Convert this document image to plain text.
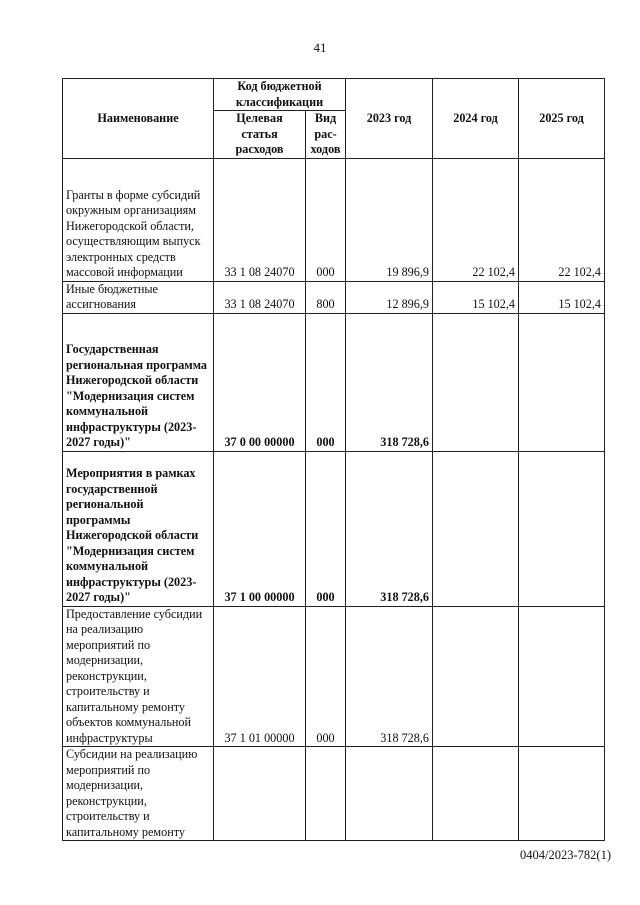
41
Наименование	Код бюджетной классификации		2023 год	2024 год	2025 год
	Целевая статья расходов	Вид рас- ходов			
Гранты в форме субсидий окружным организациям Нижегородской области, осуществляющим выпуск электронных средств массовой информации	33 1 08 24070	000	19 896,9	22 102,4	22 102,4
Иные бюджетные ассигнования	33 1 08 24070	800	12 896,9	15 102,4	15 102,4
Государственная региональная программа Нижегородской области "Модернизация систем коммунальной инфраструктуры (2023-2027 годы)"	37 0 00 00000	000	318 728,6		
Мероприятия в рамках государственной региональной программы Нижегородской области "Модернизация систем коммунальной инфраструктуры (2023-2027 годы)"	37 1 00 00000	000	318 728,6		
Предоставление субсидии на реализацию мероприятий по модернизации, реконструкции, строительству и капитальному ремонту объектов коммунальной инфраструктуры	37 1 01 00000	000	318 728,6		
Субсидии на реализацию мероприятий по модернизации, реконструкции, строительству и капитальному ремонту					
0404/2023-782(1)
